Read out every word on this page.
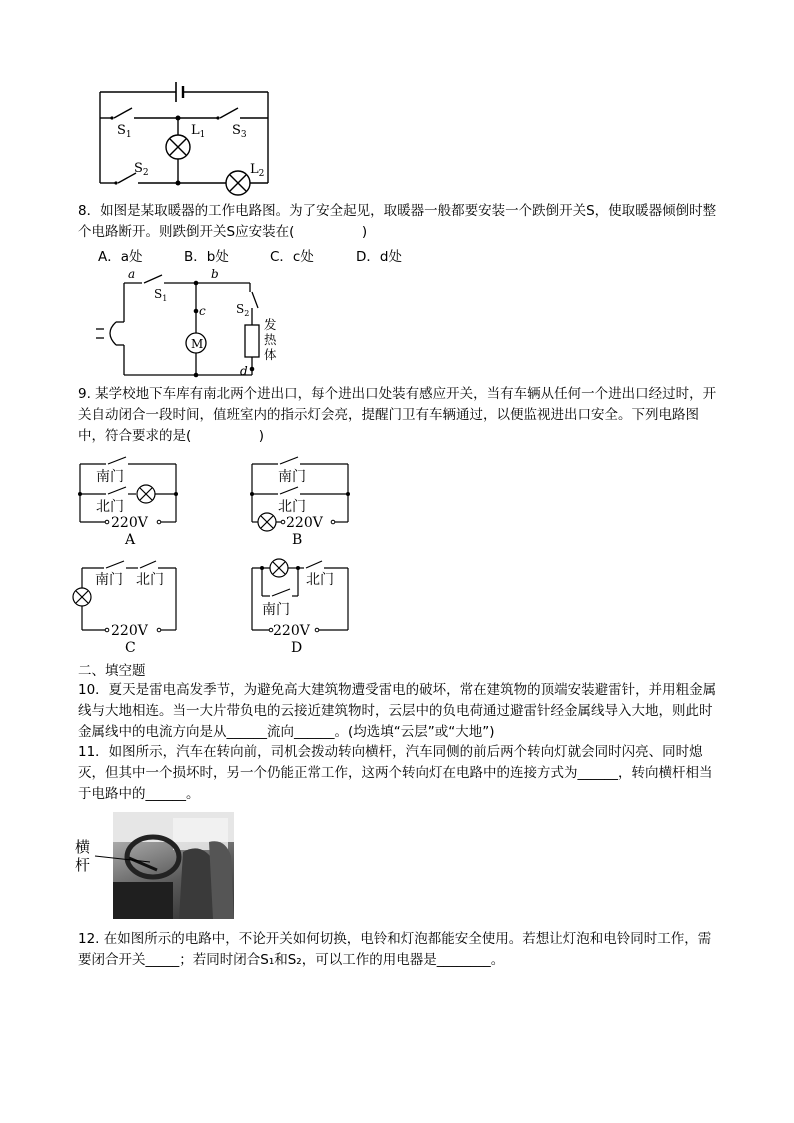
$S_1$	$L_1$ $S_3$
$S_2$	$L_2$
8．如图是某取暖器的工作电路图。为了安全起见，取暖器一般都要安装一个跌倒开关S，使取暖器倾倒时整个电路断开。则跌倒开关S应安装在(　　　　　)
A．a处	B．b处	C．c处	D．d处
a	b
c
d
$S_1$
$S_2$
M
发热体
9. 某学校地下车库有南北两个进出口，每个进出口处装有感应开关，当有车辆从任何一个进出口经过时，开关自动闭合一段时间，值班室内的指示灯会亮，提醒门卫有车辆通过，以便监视进出口安全。下列电路图中，符合要求的是(　　　　　)
南门
北门
220V
A
南门
北门
220V
B
南门 北门
220V
C
北门
南门
220V
D
二、填空题
10．夏天是雷电高发季节，为避免高大建筑物遭受雷电的破坏，常在建筑物的顶端安装避雷针，并用粗金属线与大地相连。当一大片带负电的云接近建筑物时，云层中的负电荷通过避雷针经金属线导入大地，则此时金属线中的电流方向是从______流向______。(均选填“云层”或“大地”)
11．如图所示，汽车在转向前，司机会拨动转向横杆，汽车同侧的前后两个转向灯就会同时闪亮、同时熄灭，但其中一个损坏时，另一个仍能正常工作，这两个转向灯在电路中的连接方式为______，转向横杆相当于电路中的______。
横杆
12. 在如图所示的电路中，不论开关如何切换，电铃和灯泡都能安全使用。若想让灯泡和电铃同时工作，需要闭合开关_____；若同时闭合S₁和S₂，可以工作的用电器是________。
